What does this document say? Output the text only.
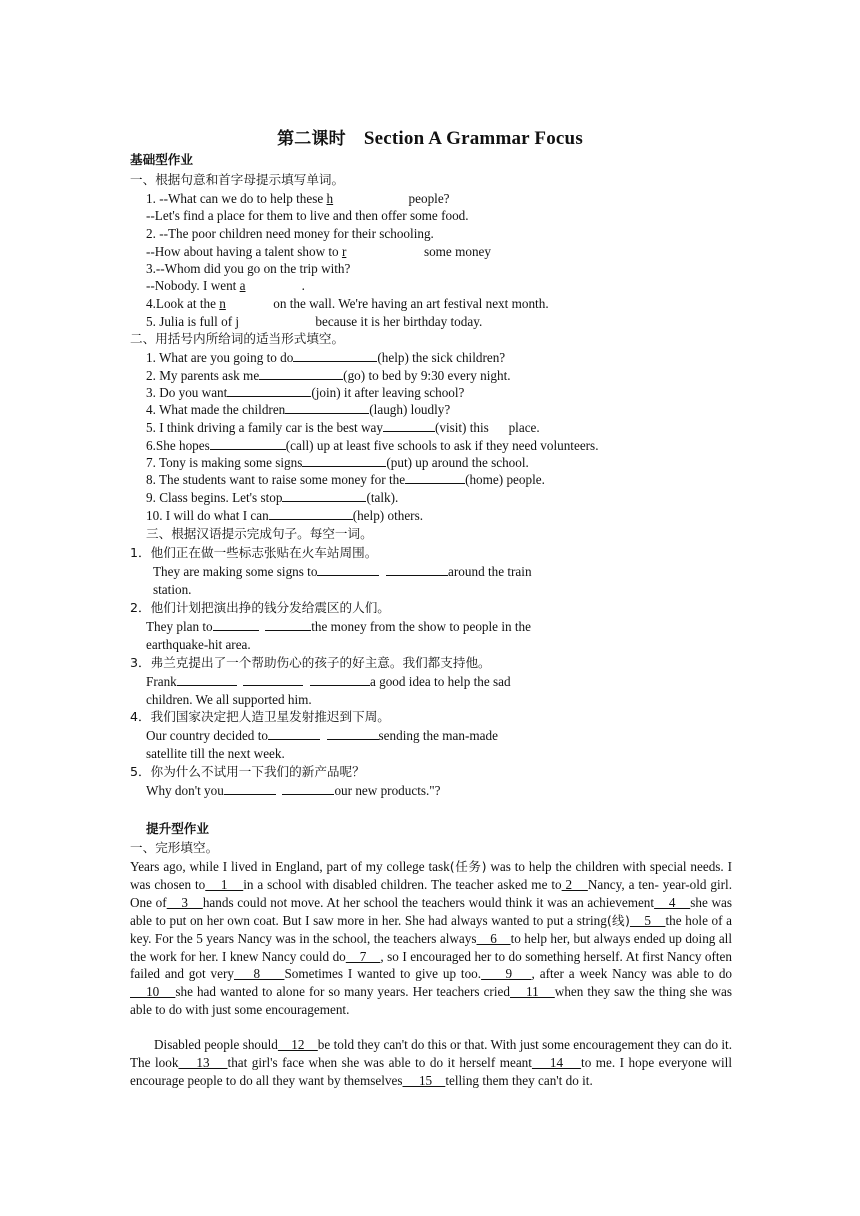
第二课时 Section A Grammar Focus
基础型作业
一、根据句意和首字母提示填写单词。
1. --What can we do to help these h	people?
--Let's find a place for them to live and then offer some food.
2. --The poor children need money for their schooling.
--How about having a talent show to r	some money
3.--Whom did you go on the trip with?
--Nobody. I went a	.
4.Look at the n	on the wall. We're having an art festival next month.
5. Julia is full of j	because it is her birthday today.
二、用括号内所给词的适当形式填空。
1. What are you going to do	(help) the sick children?
2. My parents ask me	(go) to bed by 9:30 every night.
3. Do you want	(join) it after leaving school?
4. What made the children	(laugh) loudly?
5. I think driving a family car is the best way	(visit) this      place.
6.She hopes	(call) up at least five schools to ask if they need volunteers.
7. Tony is making some signs	(put) up around the school.
8. The students want to raise some money for the	(home) people.
9. Class begins. Let's stop	(talk).
10. I will do what I can	(help) others.
三、根据汉语提示完成句子。每空一词。
1．他们正在做一些标志张贴在火车站周围。
They are making some signs to	around the train
station.
2．他们计划把演出挣的钱分发给震区的人们。
They plan to	the money from the show to people in the
earthquake-hit area.
3．弗兰克提出了一个帮助伤心的孩子的好主意。我们都支持他。
Frank	a good idea to help the sad
children. We all supported him.
4．我们国家决定把人造卫星发射推迟到下周。
Our country decided to	sending the man-made
satellite till the next week.
5．你为什么不试用一下我们的新产品呢？
Why don't you	our new products."?
提升型作业
一、完形填空。
Years ago, while I lived in England, part of my college task(任务) was to help the children with special needs. I was chosen to    1    in a school with disabled children. The teacher asked me to 2    Nancy, a ten- year-old girl. One of    3    hands could not move. At her school the teachers would think it was an achievement    4    she was able to put on her own coat. But I saw more in her. She had always wanted to put a string(线)    5    the hole of a key. For the 5 years Nancy was in the school, the teachers always    6    to help her, but always ended up doing all the work for her. I knew Nancy could do    7    , so I encouraged her to do something herself. At first Nancy often failed and got very    8     Sometimes I wanted to give up too.     9    , after a week Nancy was able to do    10    she had wanted to alone for so many years. Her teachers cried    11    when they saw the thing she was able to do with just some encouragement.
Disabled people should    12    be told they can't do this or that. With just some encouragement they can do it. The look    13    that girl's face when she was able to do it herself meant    14    to me. I hope everyone will encourage people to do all they want by themselves     15    telling them they can't do it.
